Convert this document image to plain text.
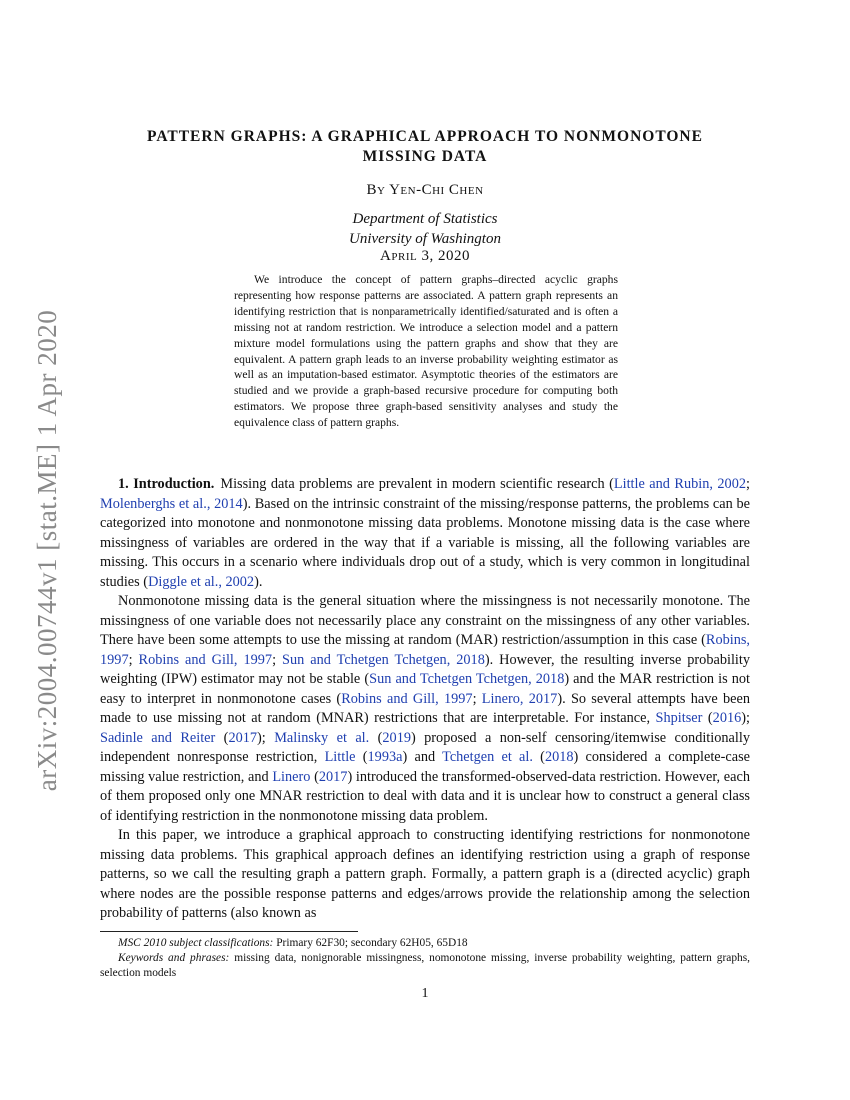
arXiv:2004.00744v1 [stat.ME] 1 Apr 2020
PATTERN GRAPHS: A GRAPHICAL APPROACH TO NONMONOTONE
MISSING DATA
By Yen-Chi Chen
Department of Statistics
University of Washington
April 3, 2020
We introduce the concept of pattern graphs–directed acyclic graphs representing how response patterns are associated. A pattern graph represents an identifying restriction that is nonparametrically identified/saturated and is often a missing not at random restriction. We introduce a selection model and a pattern mixture model formulations using the pattern graphs and show that they are equivalent. A pattern graph leads to an inverse probability weighting estimator as well as an imputation-based estimator. Asymptotic theories of the estimators are studied and we provide a graph-based recursive procedure for computing both estimators. We propose three graph-based sensitivity analyses and study the equivalence class of pattern graphs.

1. Introduction. Missing data problems are prevalent in modern scientific research (Little and Rubin, 2002; Molenberghs et al., 2014). Based on the intrinsic constraint of the missing/response patterns, the problems can be categorized into monotone and nonmonotone missing data problems. Monotone missing data is the case where missingness of variables are ordered in the way that if a variable is missing, all the following variables are missing. This occurs in a scenario where individuals drop out of a study, which is very common in longitudinal studies (Diggle et al., 2002).

Nonmonotone missing data is the general situation where the missingness is not necessarily monotone. The missingness of one variable does not necessarily place any constraint on the missingness of any other variables. There have been some attempts to use the missing at random (MAR) restriction/assumption in this case (Robins, 1997; Robins and Gill, 1997; Sun and Tchetgen Tchetgen, 2018). However, the resulting inverse probability weighting (IPW) estimator may not be stable (Sun and Tchetgen Tchetgen, 2018) and the MAR restriction is not easy to interpret in nonmonotone cases (Robins and Gill, 1997; Linero, 2017). So several attempts have been made to use missing not at random (MNAR) restrictions that are interpretable. For instance, Shpitser (2016); Sadinle and Reiter (2017); Malinsky et al. (2019) proposed a non-self censoring/itemwise conditionally independent nonresponse restriction, Little (1993a) and Tchetgen et al. (2018) considered a complete-case missing value restriction, and Linero (2017) introduced the transformed-observed-data restriction. However, each of them proposed only one MNAR restriction to deal with data and it is unclear how to construct a general class of identifying restriction in the nonmonotone missing data problem.

In this paper, we introduce a graphical approach to constructing identifying restrictions for nonmonotone missing data problems. This graphical approach defines an identifying restriction using a graph of response patterns, so we call the resulting graph a pattern graph. Formally, a pattern graph is a (directed acyclic) graph where nodes are the possible response patterns and edges/arrows provide the relationship among the selection probability of patterns (also known as

MSC 2010 subject classifications: Primary 62F30; secondary 62H05, 65D18

Keywords and phrases: missing data, nonignorable missingness, nomonotone missing, inverse probability weighting, pattern graphs, selection models

1
